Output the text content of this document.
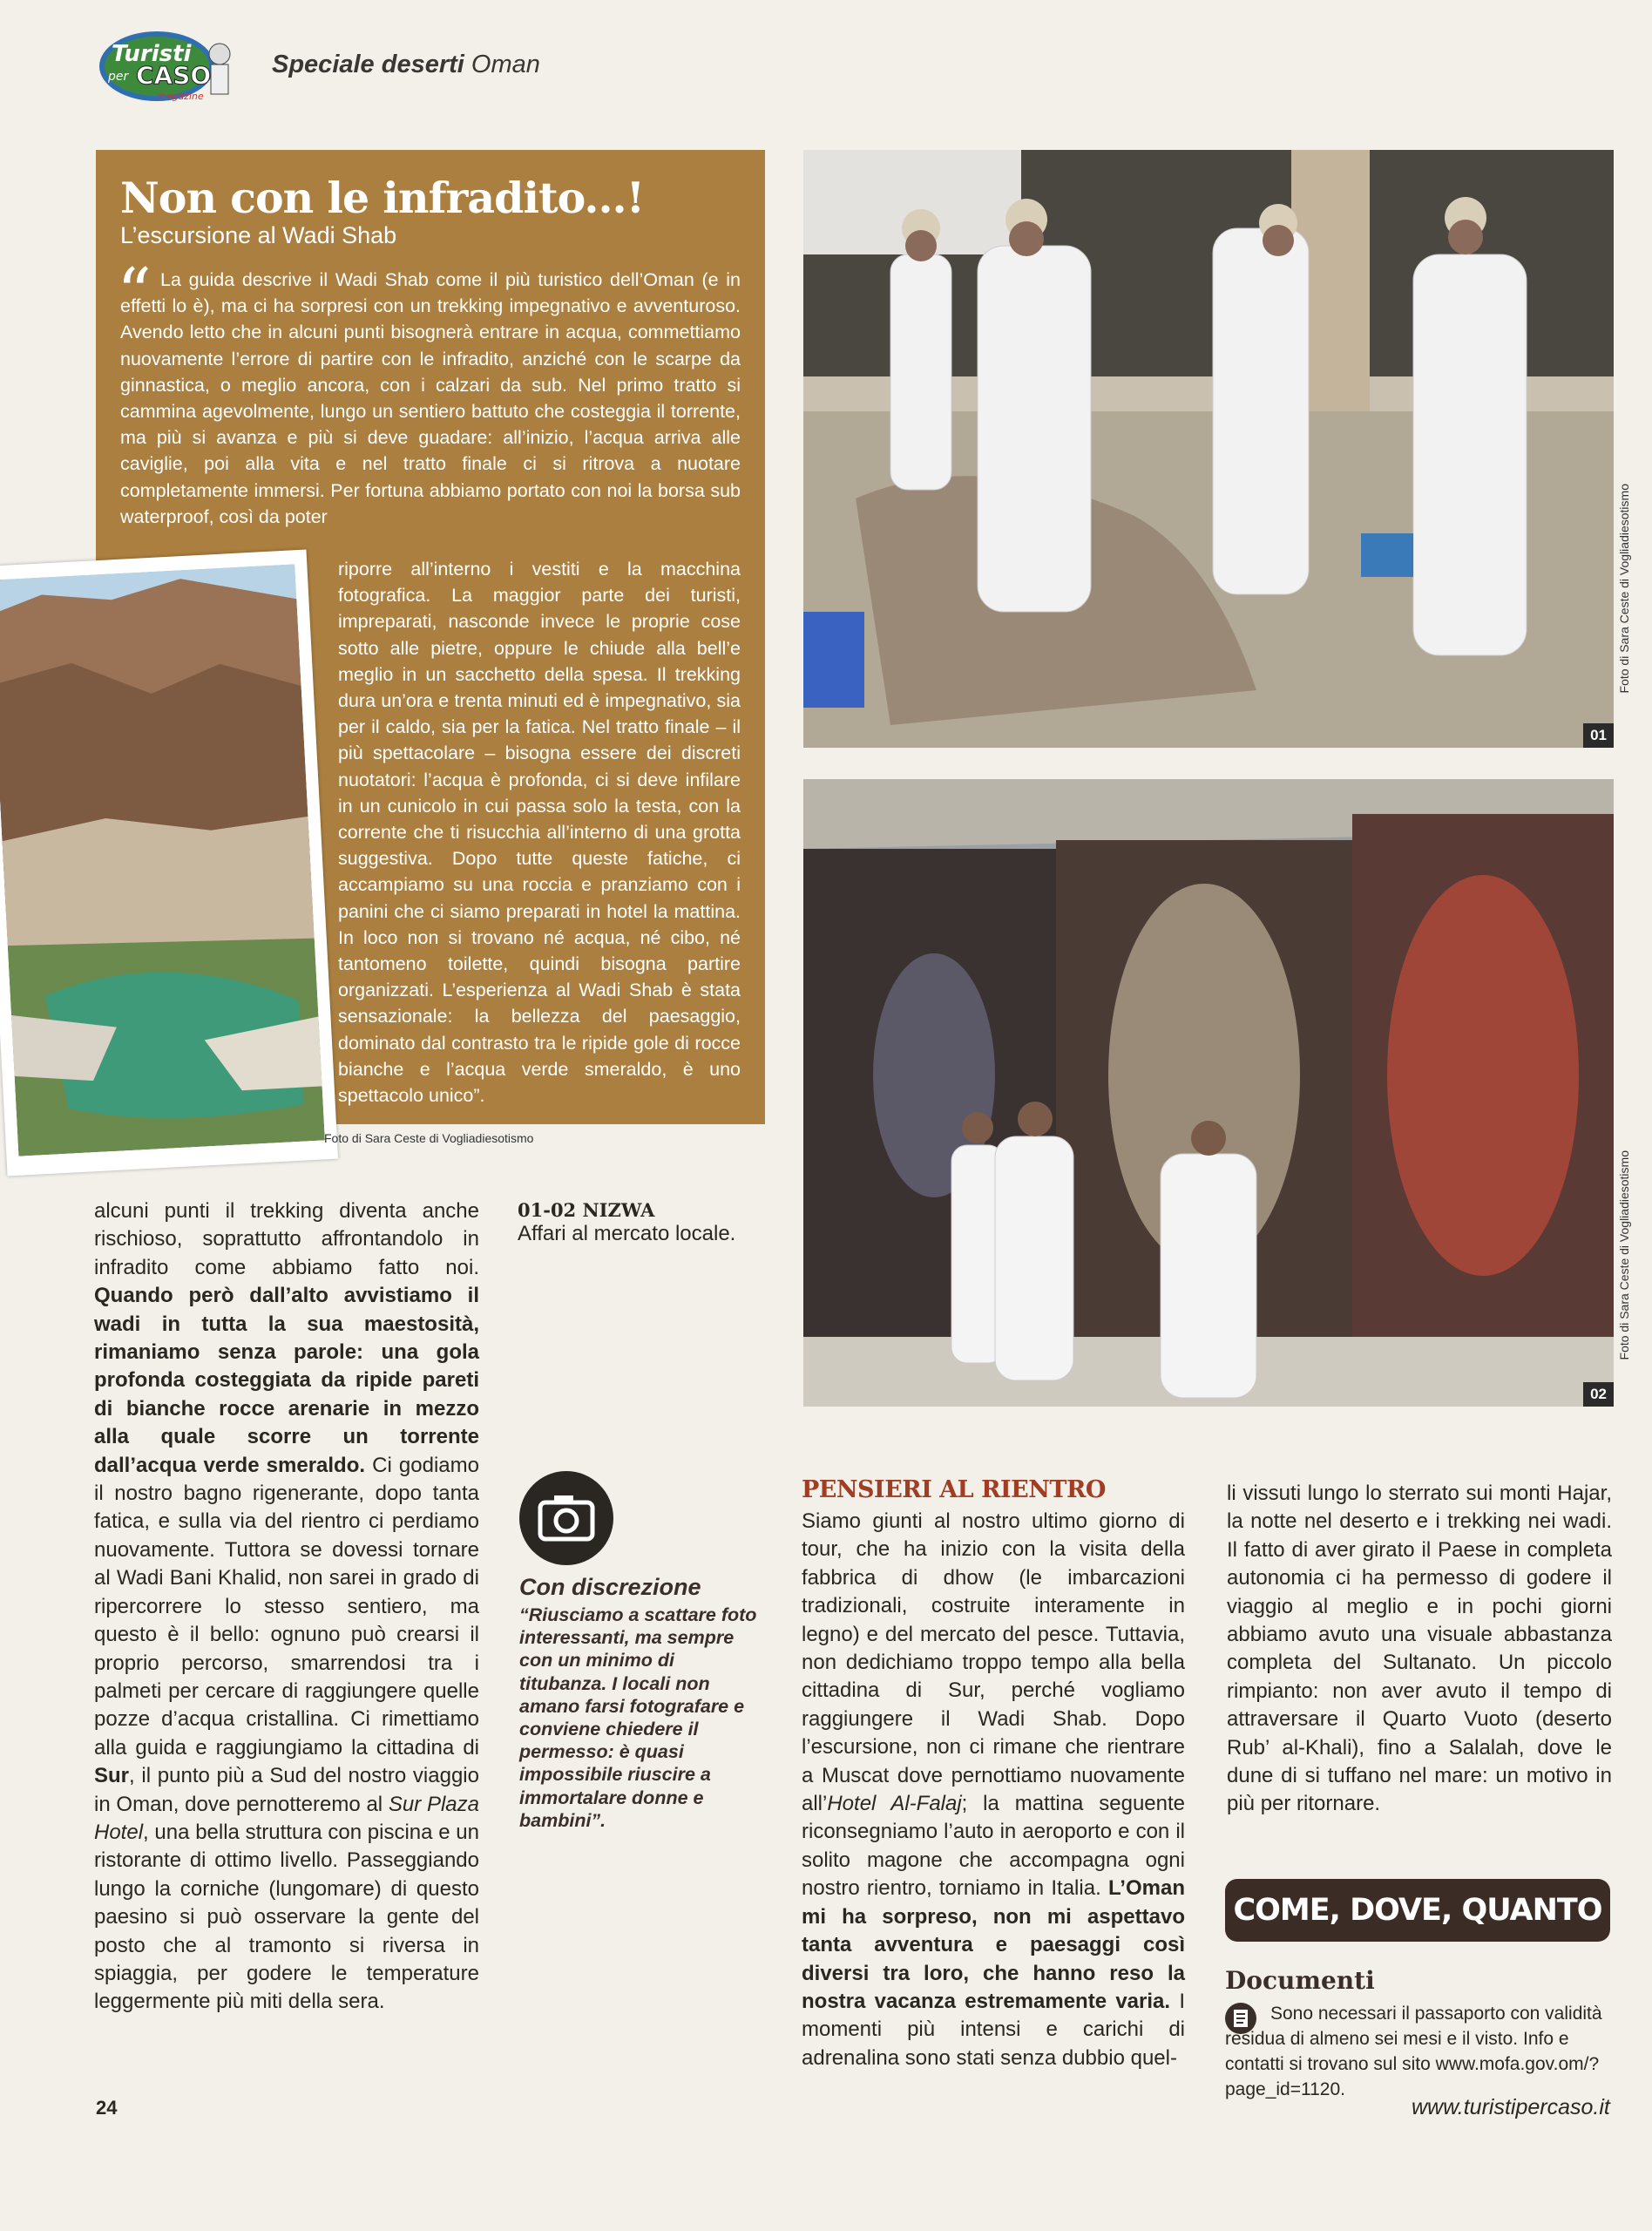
Turisti
per CASO
magazine
Speciale deserti Oman
Non con le infradito...!
L’escursione al Wadi Shab
La guida descrive il Wadi Shab come il più turistico dell’Oman (e in effetti lo è), ma ci ha sorpresi con un trekking impegnativo e avventuroso. Avendo letto che in alcuni punti bisognerà entrare in acqua, commettiamo nuovamente l’errore di partire con le infradito, anziché con le scarpe da ginnastica, o meglio ancora, con i calzari da sub. Nel primo tratto si cammina agevolmente, lungo un sentiero battuto che costeggia il torrente, ma più si avanza e più si deve guadare: all’inizio, l’acqua arriva alle caviglie, poi alla vita e nel tratto finale ci si ritrova a nuotare completamente immersi. Per fortuna abbiamo portato con noi la borsa sub waterproof, così da poter
“
riporre all’interno i vestiti e la macchina fotografica. La maggior parte dei turisti, impreparati, nasconde invece le proprie cose sotto alle pietre, oppure le chiude alla bell’e meglio in un sacchetto della spesa. Il trekking dura un’ora e trenta minuti ed è impegnativo, sia per il caldo, sia per la fatica. Nel tratto finale – il più spettacolare – bisogna essere dei discreti nuotatori: l’acqua è profonda, ci si deve infilare in un cunicolo in cui passa solo la testa, con la corrente che ti risucchia all’interno di una grotta suggestiva. Dopo tutte queste fatiche, ci accampiamo su una roccia e pranziamo con i panini che ci siamo preparati in hotel la mattina. In loco non si trovano né acqua, né cibo, né tantomeno toilette, quindi bisogna partire organizzati. L’esperienza al Wadi Shab è stata sensazionale: la bellezza del paesaggio, dominato dal contrasto tra le ripide gole di rocce bianche e l’acqua verde smeraldo, è uno spettacolo unico”.
Foto di Sara Ceste di Vogliadiesotismo
01
Foto di Sara Ceste di Vogliadiesotismo
02
Foto di Sara Ceste di Vogliadiesotismo
01-02 NIZWA
Affari al mercato locale.
alcuni punti il trekking diventa anche rischioso, soprattutto affrontandolo in infradito come abbiamo fatto noi. Quando però dall’alto avvistiamo il wadi in tutta la sua maestosità, rimaniamo senza parole: una gola profonda costeggiata da ripide pareti di bianche rocce arenarie in mezzo alla quale scorre un torrente dall’acqua verde smeraldo. Ci godiamo il nostro bagno rigenerante, dopo tanta fatica, e sulla via del rientro ci perdiamo nuovamente. Tuttora se dovessi tornare al Wadi Bani Khalid, non sarei in grado di ripercorrere lo stesso sentiero, ma questo è il bello: ognuno può crearsi il proprio percorso, smarrendosi tra i palmeti per cercare di raggiungere quelle pozze d’acqua cristallina. Ci rimettiamo alla guida e raggiungiamo la cittadina di Sur, il punto più a Sud del nostro viaggio in Oman, dove pernotteremo al Sur Plaza Hotel, una bella struttura con piscina e un ristorante di ottimo livello. Passeggiando lungo la corniche (lungomare) di questo paesino si può osservare la gente del posto che al tramonto si riversa in spiaggia, per godere le temperature leggermente più miti della sera.
Con discrezione
“Riusciamo a scattare foto interessanti, ma sempre con un minimo di titubanza. I locali non amano farsi fotografare e conviene chiedere il permesso: è quasi impossibile riuscire a immortalare donne e bambini”.
PENSIERI AL RIENTRO
Siamo giunti al nostro ultimo giorno di tour, che ha inizio con la visita della fabbrica di dhow (le imbarcazioni tradizionali, costruite interamente in legno) e del mercato del pesce. Tuttavia, non dedichiamo troppo tempo alla bella cittadina di Sur, perché vogliamo raggiungere il Wadi Shab. Dopo l’escursione, non ci rimane che rientrare a Muscat dove pernottiamo nuovamente all’Hotel Al-Falaj; la mattina seguente riconsegniamo l’auto in aeroporto e con il solito magone che accompagna ogni nostro rientro, torniamo in Italia. L’Oman mi ha sorpreso, non mi aspettavo tanta avventura e paesaggi così diversi tra loro, che hanno reso la nostra vacanza estremamente varia. I momenti più intensi e carichi di adrenalina sono stati senza dubbio quel-
li vissuti lungo lo sterrato sui monti Hajar, la notte nel deserto e i trekking nei wadi. Il fatto di aver girato il Paese in completa autonomia ci ha permesso di godere il viaggio al meglio e in pochi giorni abbiamo avuto una visuale abbastanza completa del Sultanato. Un piccolo rimpianto: non aver avuto il tempo di attraversare il Quarto Vuoto (deserto Rub’ al-Khali), fino a Salalah, dove le dune di si tuffano nel mare: un motivo in più per ritornare.
COME, DOVE, QUANTO
Documenti
Sono necessari il passaporto con validità residua di almeno sei mesi e il visto. Info e contatti si trovano sul sito www.mofa.gov.om/?page_id=1120.
24	www.turistipercaso.it
